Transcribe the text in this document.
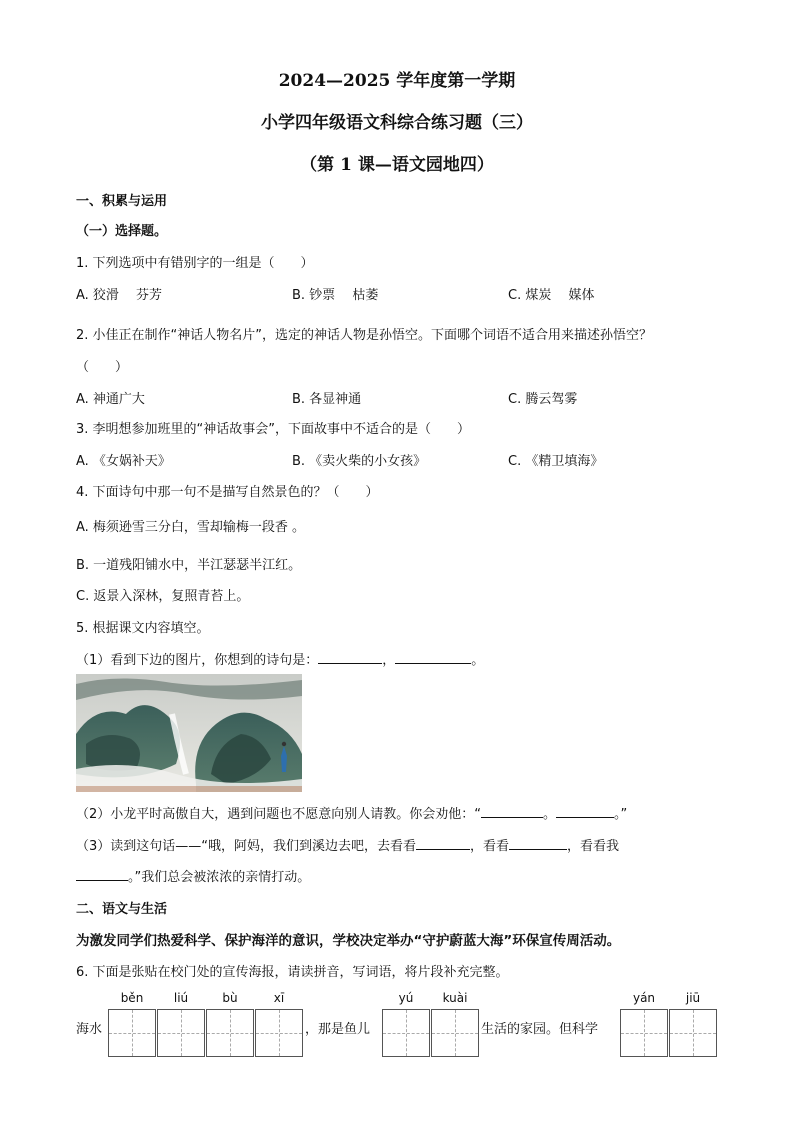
2024—2025 学年度第一学期
小学四年级语文科综合练习题（三）
（第 1 课—语文园地四）
一、积累与运用
（一）选择题。
1. 下列选项中有错别字的一组是（　　）
A. 狡滑　 芬芳	B. 钞票　 枯萎	C. 煤炭　 媒体
2. 小佳正在制作“神话人物名片”，选定的神话人物是孙悟空。下面哪个词语不适合用来描述孙悟空？
（　　）
A. 神通广大	B. 各显神通	C. 腾云驾雾
3. 李明想参加班里的“神话故事会”，下面故事中不适合的是（　　）
A. 《女娲补天》	B. 《卖火柴的小女孩》	C. 《精卫填海》
4. 下面诗句中那一句不是描写自然景色的？（　　）
A. 梅须逊雪三分白，雪却输梅一段香 。
B. 一道残阳铺水中，半江瑟瑟半江红。
C. 返景入深林，复照青苔上。
5. 根据课文内容填空。
（1）看到下边的图片，你想到的诗句是：	，	。
（2）小龙平时高傲自大，遇到问题也不愿意向别人请教。你会劝他：“	。	。”
（3）读到这句话——“哦，阿妈，我们到溪边去吧，去看看	，看看	，看看我
。”我们总会被浓浓的亲情打动。
二、语文与生活
为激发同学们热爱科学、保护海洋的意识，学校决定举办“守护蔚蓝大海”环保宣传周活动。
6. 下面是张贴在校门处的宣传海报，请读拼音，写词语，将片段补充完整。
běn	liú	bù	xī	yú	kuài	yán	jiū
海水	，那是鱼儿	生活的家园。但科学
